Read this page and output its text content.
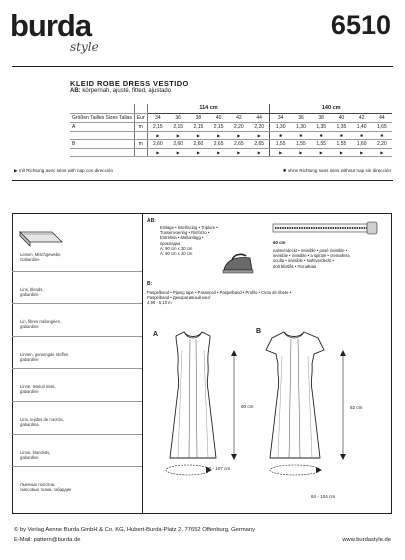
burda
style
6510
KLEID ROBE DRESS VESTIDO
AB: körpernah, ajusté, fitted, ajustado
		114 cm						140 cm					
Größen Tailles Sizes Tallas	Eur	34	36	38	40	42	44	34	36	38	40	42	44
A	m	2,15	2,15	2,15	2,15	2,20	2,20	1,30	1,30	1,35	1,35	1,40	1,65
		▶	▶	▶	▶	▶	▶	✱	✱	✱	✱	✱	✱
B	m	2,60	2,60	2,60	2,65	2,65	2,65	1,55	1,55	1,55	1,55	1,60	2,20
		▶	▶	▶	▶	▶	▶	▶	▶	▶	▶	▶	▶
▶ mit Richtung avec sens with nap con dirección	✱ ohne Richtung sans sens without nap sin dirección
Leinen, Mischgewebe,
Gabardine
Lins, blends,
gabardine
Lin, fibres mélangées,
gabardine
Linnen, gemengde stoffen,
gabardine
Linne, tessuti misti,
gabardine
Lino, tejidos de mezcla,
gabardina
Linne, blandväv,
gabardine
Льняные полотна,
смесовые ткани, габардин
AB:
Einlage • Interfacing • Triplure •
Tussenvoering • Rinforzo •
Entretela • Mellanlägg •
прокладка
A: 90 cm x 30 cm
A: 90 cm x 20 cm
60 cm
nahtverdeckt • invisible • posé invisible •
invisible • invisible • a spirale • cremallera
oculta • invisible • Nahtverdeckt •
dolt blixtlås • Потайная
B:
Paspelband • Piping tape • Passepoil • Paspelband • Profilo • Cinta de ribete •
Paspelband • Декоративный кант
4,90 - 5,10 m
A	B
60 cm	82 cm
87 - 107 cm
84 - 104 cm
© by Verlag Aenne Burda GmbH & Co. KG, Hubert-Burda-Platz 2, 77652 Offenburg, Germany
E-Mail: pattern@burda.de	www.burdastyle.de
